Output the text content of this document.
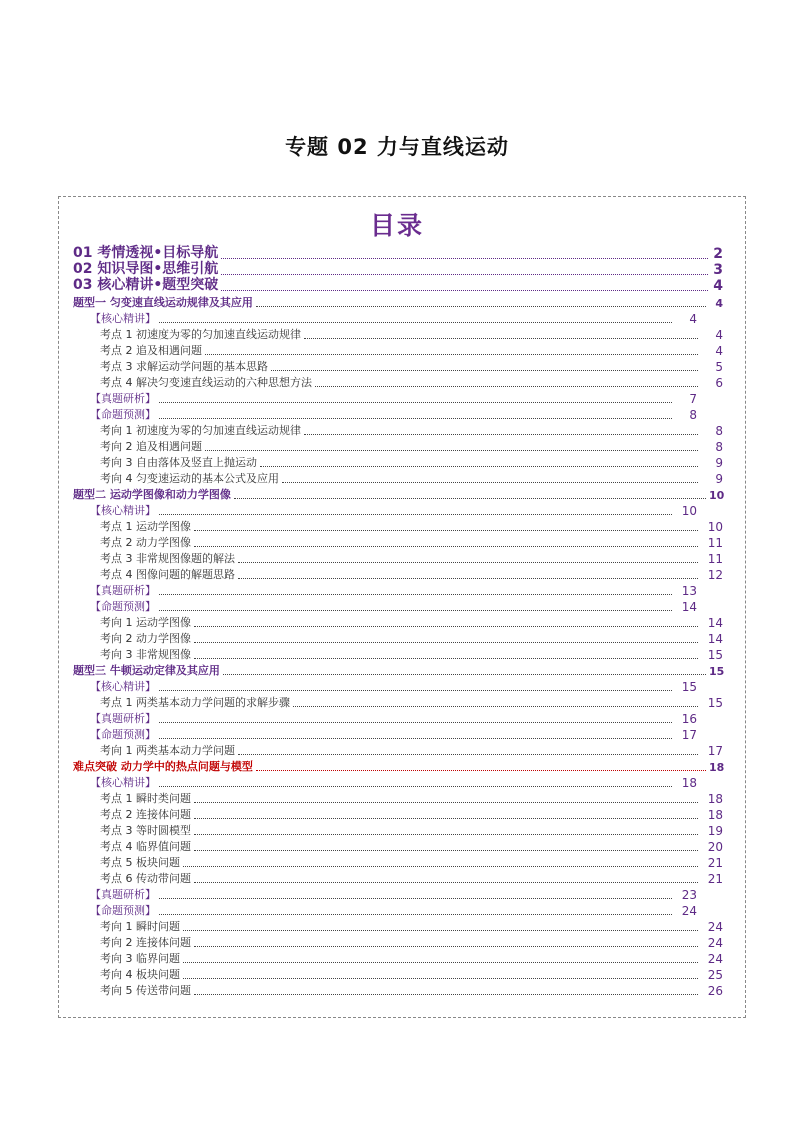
专题 02 力与直线运动
目录
01 考情透视•目标导航	2
02 知识导图•思维引航	3
03 核心精讲•题型突破	4
题型一 匀变速直线运动规律及其应用	4
【核心精讲】	4
考点 1 初速度为零的匀加速直线运动规律	4
考点 2 追及相遇问题	4
考点 3 求解运动学问题的基本思路	5
考点 4 解决匀变速直线运动的六种思想方法	6
【真题研析】	7
【命题预测】	8
考向 1 初速度为零的匀加速直线运动规律	8
考向 2 追及相遇问题	8
考向 3 自由落体及竖直上抛运动	9
考向 4 匀变速运动的基本公式及应用	9
题型二 运动学图像和动力学图像	10
【核心精讲】	10
考点 1 运动学图像	10
考点 2 动力学图像	11
考点 3 非常规图像题的解法	11
考点 4 图像问题的解题思路	12
【真题研析】	13
【命题预测】	14
考向 1 运动学图像	14
考向 2 动力学图像	14
考向 3 非常规图像	15
题型三 牛顿运动定律及其应用	15
【核心精讲】	15
考点 1 两类基本动力学问题的求解步骤	15
【真题研析】	16
【命题预测】	17
考向 1 两类基本动力学问题	17
难点突破 动力学中的热点问题与模型	18
【核心精讲】	18
考点 1 瞬时类问题	18
考点 2 连接体问题	18
考点 3 等时圆模型	19
考点 4 临界值问题	20
考点 5 板块问题	21
考点 6 传动带问题	21
【真题研析】	23
【命题预测】	24
考向 1 瞬时问题	24
考向 2 连接体问题	24
考向 3 临界问题	24
考向 4 板块问题	25
考向 5 传送带问题	26
